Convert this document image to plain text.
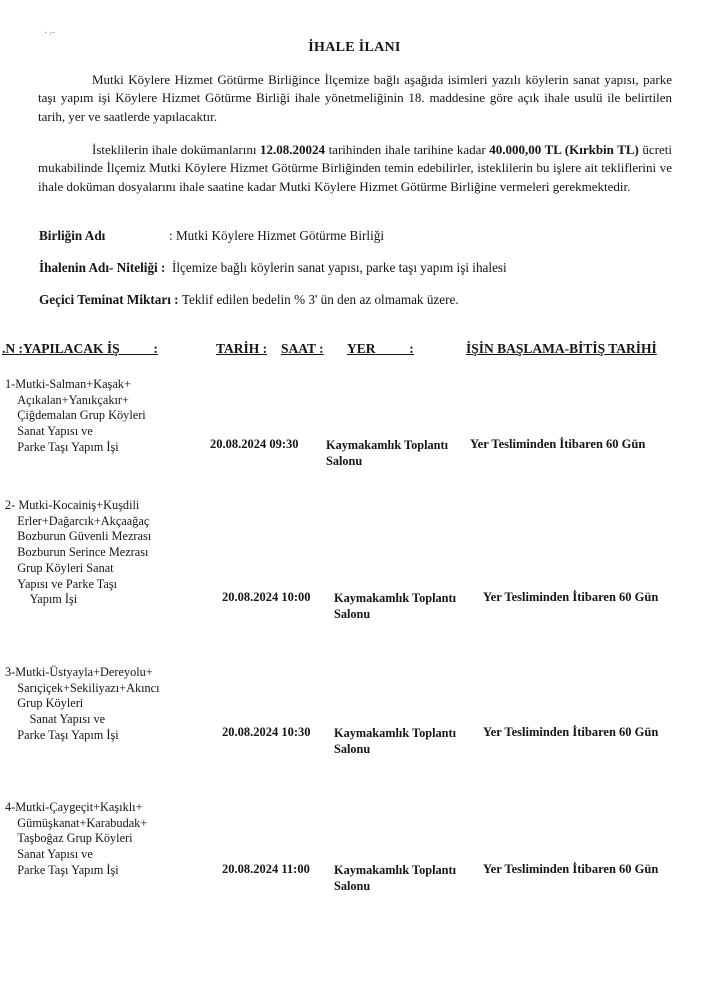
· ⌐
İHALE İLANI
Mutki Köylere Hizmet Götürme Birliğince İlçemize bağlı aşağıda isimleri yazılı köylerin sanat yapısı, parke taşı yapım işi Köylere Hizmet Götürme Birliği ihale yönetmeliğinin 18. maddesine göre açık ihale usulü ile belirtilen tarih, yer ve saatlerde yapılacaktır.
İsteklilerin ihale dokümanlarını 12.08.20024 tarihinden ihale tarihine kadar 40.000,00 TL (Kırkbin TL) ücreti mukabilinde İlçemiz Mutki Köylere Hizmet Götürme Birliğinden temin edebilirler, isteklilerin bu işlere ait tekliflerini ve ihale doküman dosyalarını ihale saatine kadar Mutki Köylere Hizmet Götürme Birliğine vermeleri gerekmektedir.
Birliğin Adı	: Mutki Köylere Hizmet Götürme Birliği
İhalenin Adı- Niteliği : İlçemize bağlı köylerin sanat yapısı, parke taşı yapım işi ihalesi
Geçici Teminat Miktarı : Teklif edilen bedelin % 3' ün den az olmamak üzere.
.N :YAPILACAK İŞ          :	TARİH : SAAT : YER          :	İŞİN BAŞLAMA-BİTİŞ TARİHİ
1-Mutki-Salman+Kaşak+
Açıkalan+Yanıkçakır+
Çiğdemalan Grup Köyleri
Sanat Yapısı ve
Parke Taşı Yapım İşi	20.08.2024 09:30 Kaymakamlık Toplantı
Salonu
Yer Tesliminden İtibaren 60 Gün
2- Mutki-Kocainiş+Kuşdili
Erler+Dağarcık+Akçaağaç
Bozburun Güvenli Mezrası
Bozburun Serince Mezrası
Grup Köyleri Sanat
Yapısı ve Parke Taşı
Yapım İşi	20.08.2024 10:00 Kaymakamlık Toplantı
Salonu
Yer Tesliminden İtibaren 60 Gün
3-Mutki-Üstyayla+Dereyolu+
Sarıçiçek+Sekiliyazı+Akıncı
Grup Köyleri
Sanat Yapısı ve
Parke Taşı Yapım İşi	20.08.2024 10:30 Kaymakamlık Toplantı
Salonu
Yer Tesliminden İtibaren 60 Gün
4-Mutki-Çaygeçit+Kaşıklı+
Gümüşkanat+Karabudak+
Taşboğaz Grup Köyleri
Sanat Yapısı ve
Parke Taşı Yapım İşi	20.08.2024 11:00 Kaymakamlık Toplantı
Salonu
Yer Tesliminden İtibaren 60 Gün
